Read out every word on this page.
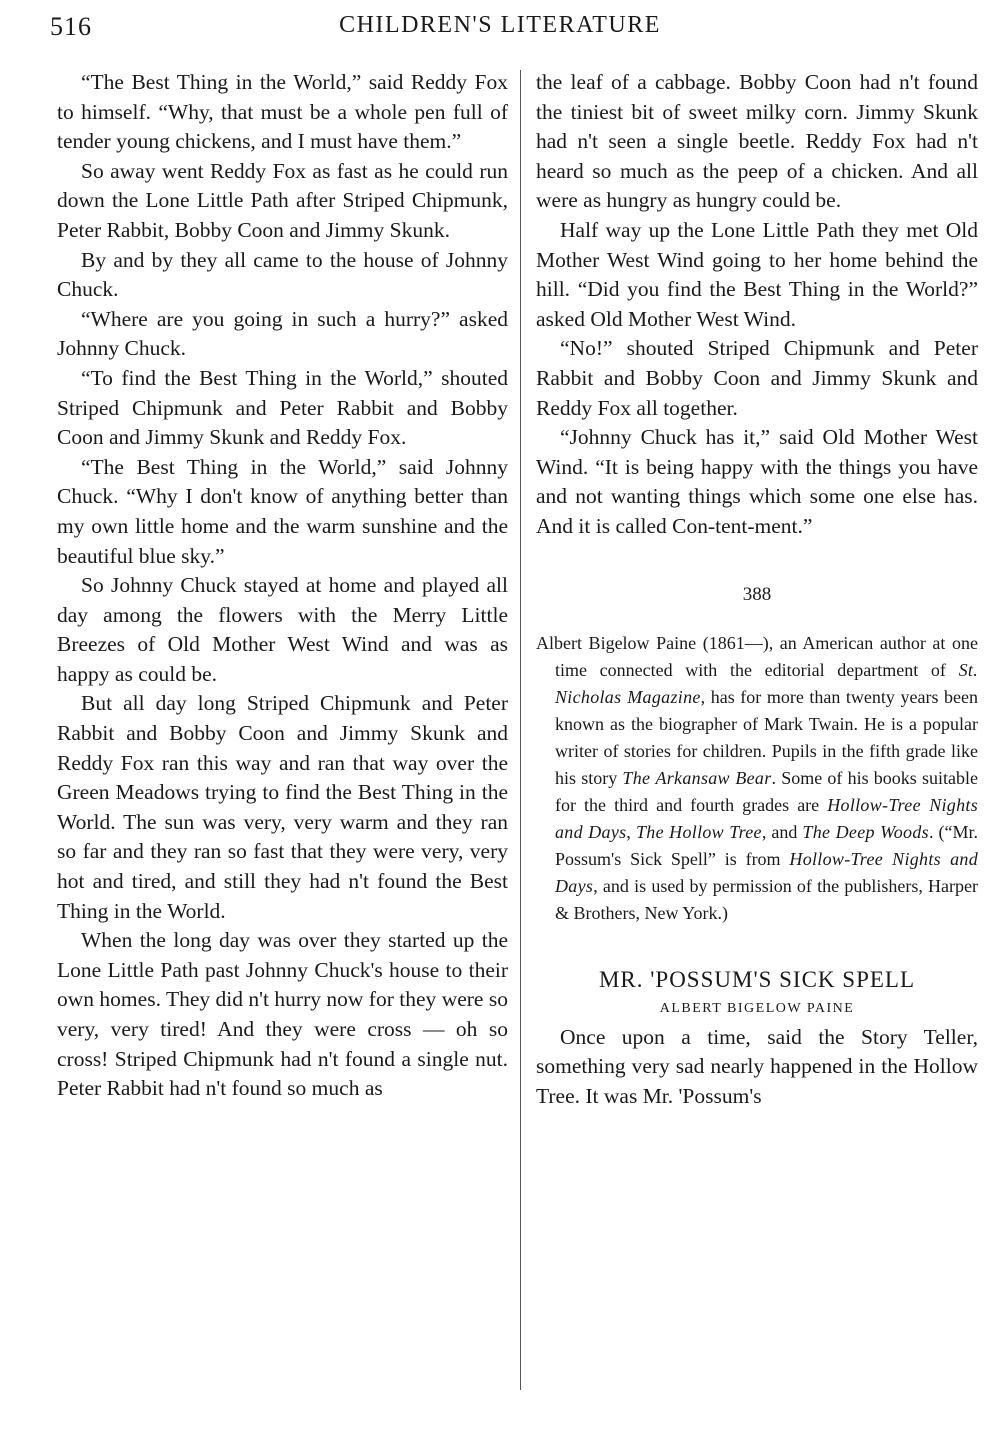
516	CHILDREN'S LITERATURE

“The Best Thing in the World,” said Reddy Fox to himself. “Why, that must be a whole pen full of tender young chickens, and I must have them.”

So away went Reddy Fox as fast as he could run down the Lone Little Path after Striped Chipmunk, Peter Rabbit, Bobby Coon and Jimmy Skunk.

By and by they all came to the house of Johnny Chuck.

“Where are you going in such a hurry?” asked Johnny Chuck.

“To find the Best Thing in the World,” shouted Striped Chipmunk and Peter Rabbit and Bobby Coon and Jimmy Skunk and Reddy Fox.

“The Best Thing in the World,” said Johnny Chuck. “Why I don't know of anything better than my own little home and the warm sunshine and the beautiful blue sky.”

So Johnny Chuck stayed at home and played all day among the flowers with the Merry Little Breezes of Old Mother West Wind and was as happy as could be.

But all day long Striped Chipmunk and Peter Rabbit and Bobby Coon and Jimmy Skunk and Reddy Fox ran this way and ran that way over the Green Meadows trying to find the Best Thing in the World. The sun was very, very warm and they ran so far and they ran so fast that they were very, very hot and tired, and still they had n't found the Best Thing in the World.

When the long day was over they started up the Lone Little Path past Johnny Chuck's house to their own homes. They did n't hurry now for they were so very, very tired! And they were cross — oh so cross! Striped Chipmunk had n't found a single nut. Peter Rabbit had n't found so much as

the leaf of a cabbage. Bobby Coon had n't found the tiniest bit of sweet milky corn. Jimmy Skunk had n't seen a single beetle. Reddy Fox had n't heard so much as the peep of a chicken. And all were as hungry as hungry could be.

Half way up the Lone Little Path they met Old Mother West Wind going to her home behind the hill. “Did you find the Best Thing in the World?” asked Old Mother West Wind.

“No!” shouted Striped Chipmunk and Peter Rabbit and Bobby Coon and Jimmy Skunk and Reddy Fox all together.

“Johnny Chuck has it,” said Old Mother West Wind. “It is being happy with the things you have and not wanting things which some one else has. And it is called Con-tent-ment.”

388

Albert Bigelow Paine (1861—), an American author at one time connected with the editorial department of St. Nicholas Magazine, has for more than twenty years been known as the biographer of Mark Twain. He is a popular writer of stories for children. Pupils in the fifth grade like his story The Arkansaw Bear. Some of his books suitable for the third and fourth grades are Hollow-Tree Nights and Days, The Hollow Tree, and The Deep Woods. (“Mr. Possum's Sick Spell” is from Hollow-Tree Nights and Days, and is used by permission of the publishers, Harper & Brothers, New York.)

MR. 'POSSUM'S SICK SPELL
ALBERT BIGELOW PAINE

Once upon a time, said the Story Teller, something very sad nearly happened in the Hollow Tree. It was Mr. 'Possum's
